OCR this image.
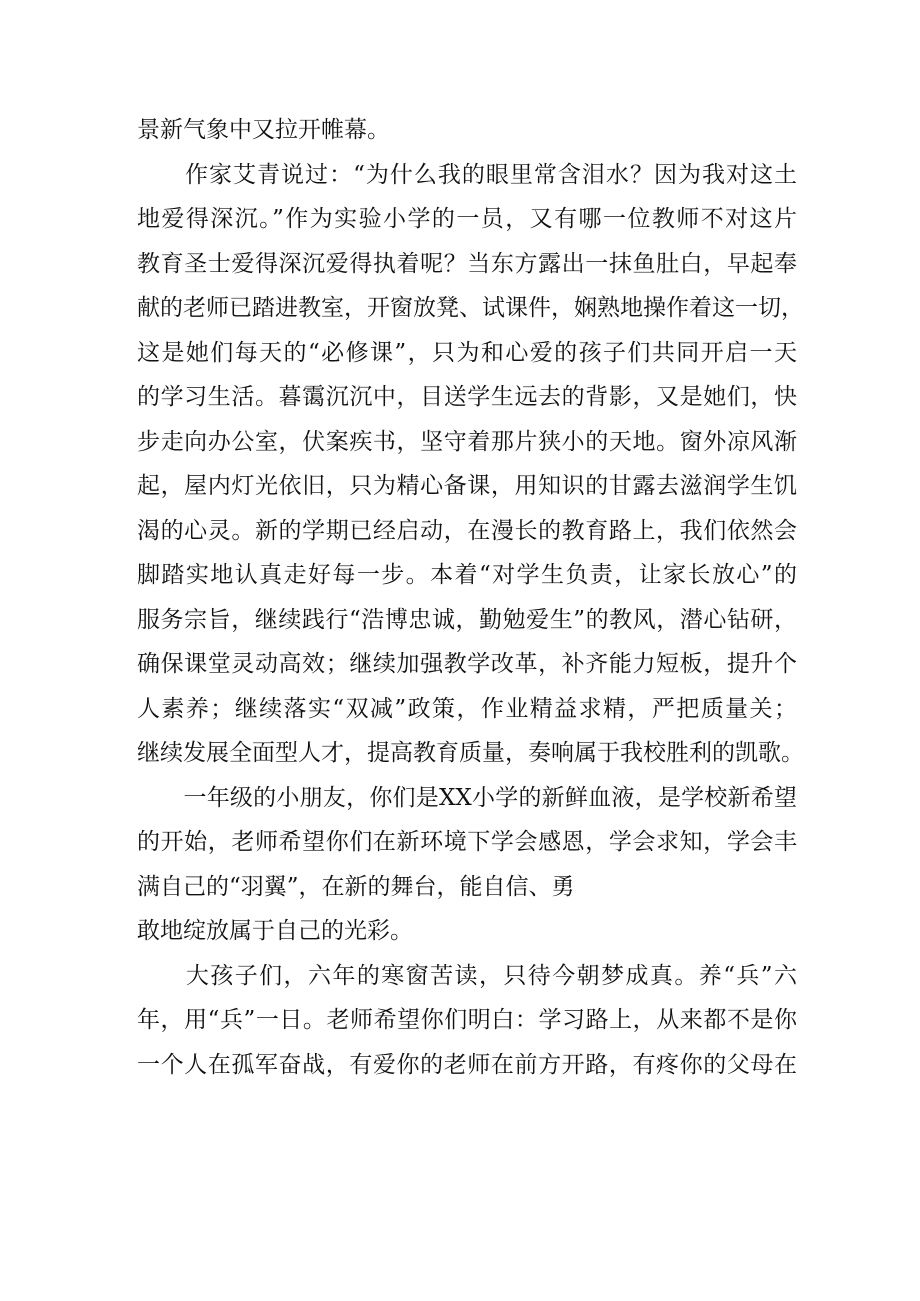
景新气象中又拉开帷幕。
　　作家艾青说过：“为什么我的眼里常含泪水？因为我对这土
地爱得深沉。”作为实验小学的一员，又有哪一位教师不对这片
教育圣士爱得深沉爱得执着呢？当东方露出一抹鱼肚白，早起奉
献的老师已踏进教室，开窗放凳、试课件，娴熟地操作着这一切，
这是她们每天的“必修课”，只为和心爱的孩子们共同开启一天
的学习生活。暮霭沉沉中，目送学生远去的背影，又是她们，快
步走向办公室，伏案疾书，坚守着那片狭小的天地。窗外凉风渐
起，屋内灯光依旧，只为精心备课，用知识的甘露去滋润学生饥
渴的心灵。新的学期已经启动，在漫长的教育路上，我们依然会
脚踏实地认真走好每一步。本着“对学生负责，让家长放心”的
服务宗旨，继续践行“浩博忠诚，勤勉爱生”的教风，潜心钻研，
确保课堂灵动高效；继续加强教学改革，补齐能力短板，提升个
人素养；继续落实“双减”政策，作业精益求精，严把质量关；
继续发展全面型人才，提高教育质量，奏响属于我校胜利的凯歌。
　　一年级的小朋友，你们是XX小学的新鲜血液，是学校新希望
的开始，老师希望你们在新环境下学会感恩，学会求知，学会丰
满自己的“羽翼”，在新的舞台，能自信、勇
敢地绽放属于自己的光彩。
　　大孩子们，六年的寒窗苦读，只待今朝梦成真。养“兵”六
年，用“兵”一日。老师希望你们明白：学习路上，从来都不是你
一个人在孤军奋战，有爱你的老师在前方开路，有疼你的父母在
